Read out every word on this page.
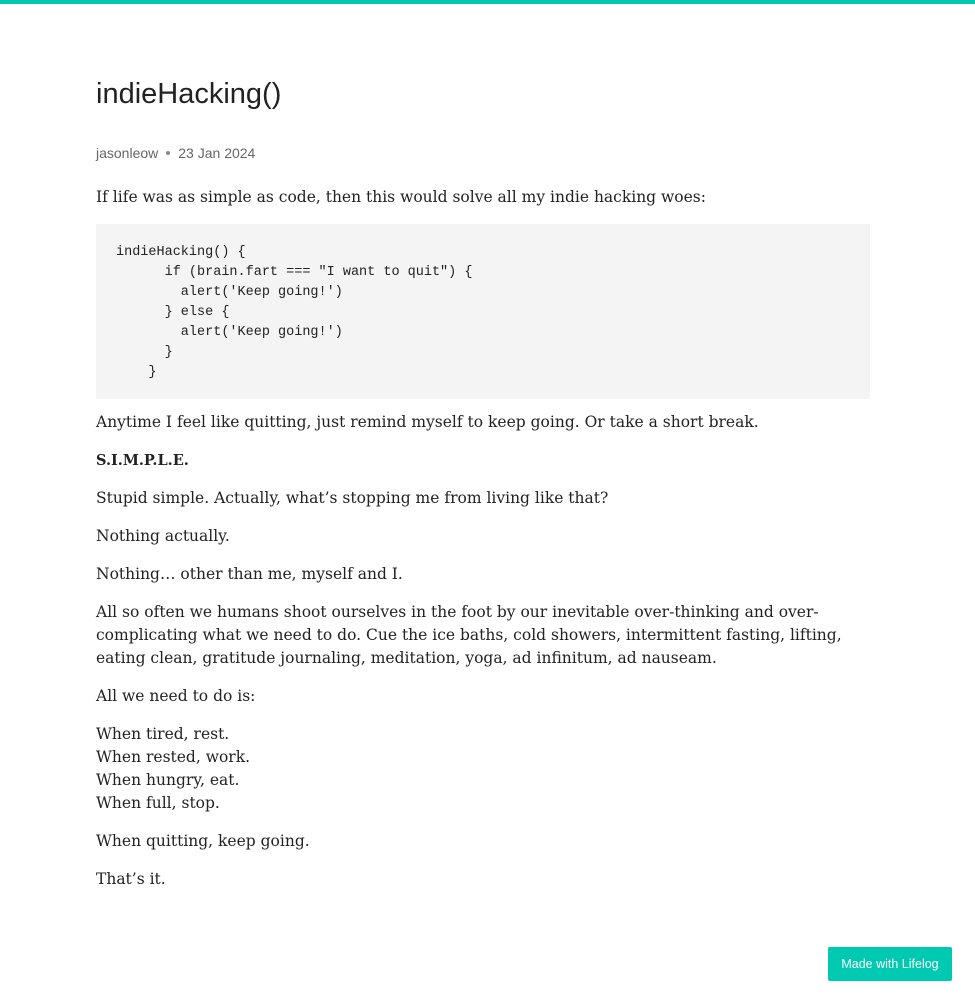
indieHacking()
jasonleow 23 Jan 2024

If life was as simple as code, then this would solve all my indie hacking woes:

indieHacking() {
if (brain.fart === "I want to quit") {
alert('Keep going!')
} else {
alert('Keep going!')
}
}

Anytime I feel like quitting, just remind myself to keep going. Or take a short break.

S.I.M.P.L.E.

Stupid simple. Actually, what’s stopping me from living like that?

Nothing actually.

Nothing… other than me, myself and I.

All so often we humans shoot ourselves in the foot by our inevitable over-thinking and over-complicating what we need to do. Cue the ice baths, cold showers, intermittent fasting, lifting, eating clean, gratitude journaling, meditation, yoga, ad infinitum, ad nauseam.

All we need to do is:

When tired, rest.
When rested, work.
When hungry, eat.
When full, stop.

When quitting, keep going.

That’s it.

Made with Lifelog
